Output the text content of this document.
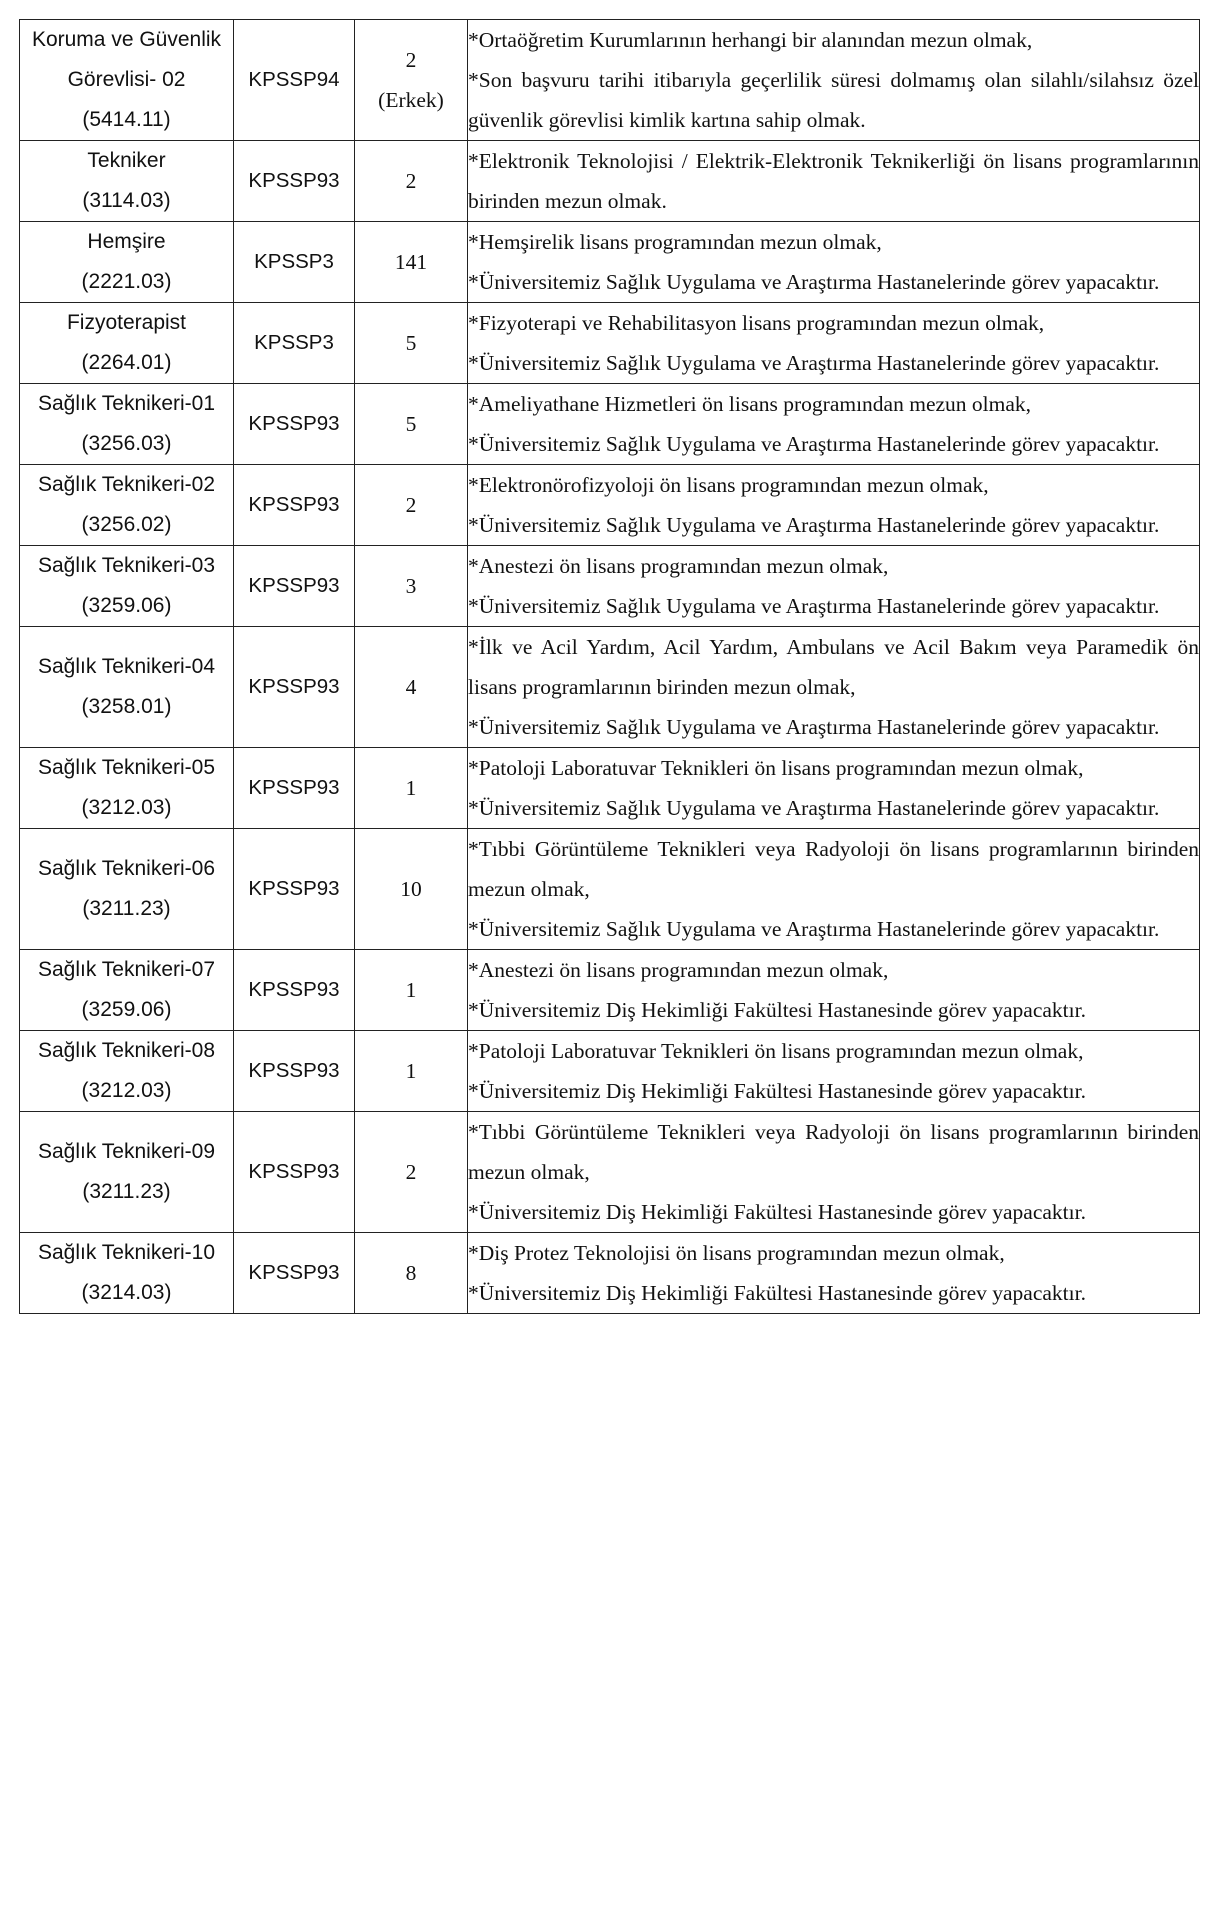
Koruma ve Güvenlik
Görevlisi- 02
(5414.11)	KPSSP94	2
(Erkek)	*Ortaöğretim Kurumlarının herhangi bir alanından mezun olmak,
*Son başvuru tarihi itibarıyla geçerlilik süresi dolmamış olan silahlı/silahsız özel güvenlik görevlisi kimlik kartına sahip olmak.

Tekniker
(3114.03)	KPSSP93	2	*Elektronik Teknolojisi / Elektrik-Elektronik Teknikerliği ön lisans programlarının birinden mezun olmak.

Hemşire
(2221.03)	KPSSP3	141	*Hemşirelik lisans programından mezun olmak,
*Üniversitemiz Sağlık Uygulama ve Araştırma Hastanelerinde görev yapacaktır.

Fizyoterapist
(2264.01)	KPSSP3	5	*Fizyoterapi ve Rehabilitasyon lisans programından mezun olmak,
*Üniversitemiz Sağlık Uygulama ve Araştırma Hastanelerinde görev yapacaktır.

Sağlık Teknikeri-01
(3256.03)	KPSSP93	5	*Ameliyathane Hizmetleri ön lisans programından mezun olmak,
*Üniversitemiz Sağlık Uygulama ve Araştırma Hastanelerinde görev yapacaktır.

Sağlık Teknikeri-02
(3256.02)	KPSSP93	2	*Elektronörofizyoloji ön lisans programından mezun olmak,
*Üniversitemiz Sağlık Uygulama ve Araştırma Hastanelerinde görev yapacaktır.

Sağlık Teknikeri-03
(3259.06)	KPSSP93	3	*Anestezi ön lisans programından mezun olmak,
*Üniversitemiz Sağlık Uygulama ve Araştırma Hastanelerinde görev yapacaktır.

Sağlık Teknikeri-04
(3258.01)	KPSSP93	4	*İlk ve Acil Yardım, Acil Yardım, Ambulans ve Acil Bakım veya Paramedik ön lisans programlarının birinden mezun olmak,
*Üniversitemiz Sağlık Uygulama ve Araştırma Hastanelerinde görev yapacaktır.

Sağlık Teknikeri-05
(3212.03)	KPSSP93	1	*Patoloji Laboratuvar Teknikleri ön lisans programından mezun olmak,
*Üniversitemiz Sağlık Uygulama ve Araştırma Hastanelerinde görev yapacaktır.

Sağlık Teknikeri-06
(3211.23)	KPSSP93	10	*Tıbbi Görüntüleme Teknikleri veya Radyoloji ön lisans programlarının birinden mezun olmak,
*Üniversitemiz Sağlık Uygulama ve Araştırma Hastanelerinde görev yapacaktır.

Sağlık Teknikeri-07
(3259.06)	KPSSP93	1	*Anestezi ön lisans programından mezun olmak,
*Üniversitemiz Diş Hekimliği Fakültesi Hastanesinde görev yapacaktır.

Sağlık Teknikeri-08
(3212.03)	KPSSP93	1	*Patoloji Laboratuvar Teknikleri ön lisans programından mezun olmak,
*Üniversitemiz Diş Hekimliği Fakültesi Hastanesinde görev yapacaktır.

Sağlık Teknikeri-09
(3211.23)	KPSSP93	2	*Tıbbi Görüntüleme Teknikleri veya Radyoloji ön lisans programlarının birinden mezun olmak,
*Üniversitemiz Diş Hekimliği Fakültesi Hastanesinde görev yapacaktır.

Sağlık Teknikeri-10
(3214.03)	KPSSP93	8	*Diş Protez Teknolojisi ön lisans programından mezun olmak,
*Üniversitemiz Diş Hekimliği Fakültesi Hastanesinde görev yapacaktır.
